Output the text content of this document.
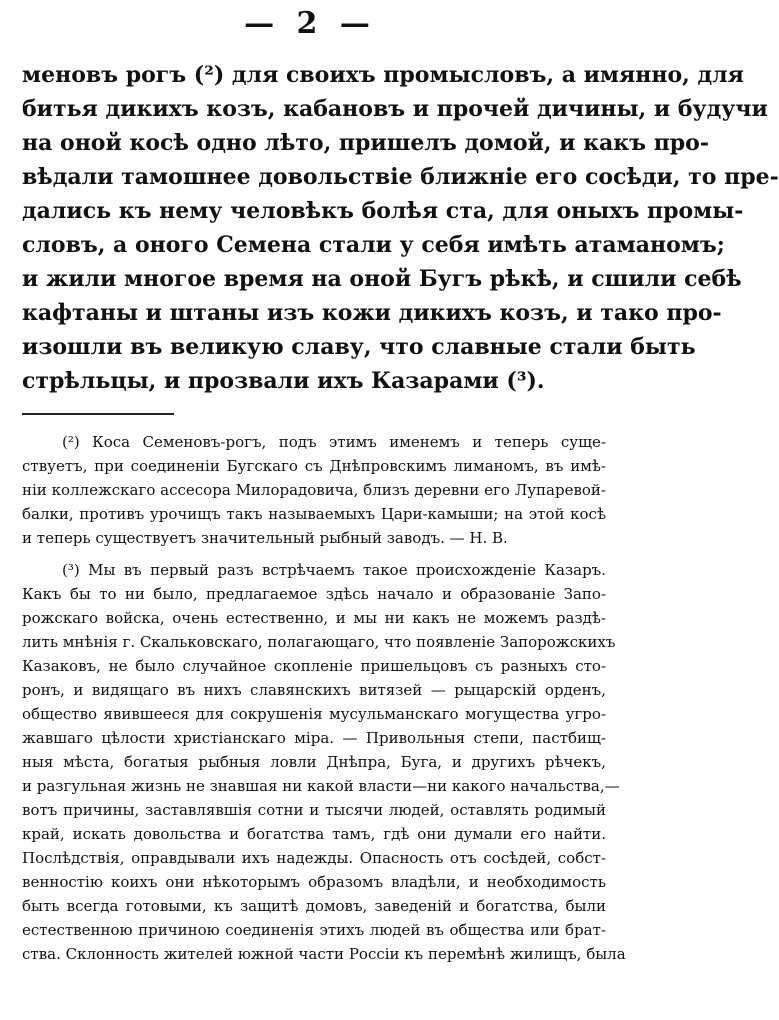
— 2 —
меновъ рогъ (²) для своихъ промысловъ, а имянно, для
битья дикихъ козъ, кабановъ и прочей дичины, и будучи
на оной косѣ одно лѣто, пришелъ домой, и какъ про-
вѣдали тамошнее довольствіе ближніе его сосѣди, то пре-
дались къ нему человѣкъ болѣя ста, для оныхъ промы-
словъ, а оного Семена стали у себя имѣть атаманомъ;
и жили многое время на оной Бугъ рѣкѣ, и сшили себѣ
кафтаны и штаны изъ кожи дикихъ козъ, и тако про-
изошли въ великую славу, что славные стали быть
стрѣльцы, и прозвали ихъ Казарами (³).
(²) Коса Семеновъ-рогъ, подъ этимъ именемъ и теперь суще-
ствуетъ, при соединеніи Бугскаго съ Днѣпровскимъ лиманомъ, въ имѣ-
ніи коллежскаго ассесора Милорадовича, близъ деревни его Лупаревой-
балки, противъ урочищъ такъ называемыхъ Цари-камыши; на этой косѣ
и теперь существуетъ значительный рыбный заводъ. — Н. В.
(³) Мы въ первый разъ встрѣчаемъ такое происхожденіе Казаръ.
Какъ бы то ни было, предлагаемое здѣсь начало и образованіе Запо-
рожскаго войска, очень естественно, и мы ни какъ не можемъ раздѣ-
лить мнѣнія г. Скальковскаго, полагающаго, что появленіе Запорожскихъ
Казаковъ, не было случайное скопленіе пришельцовъ съ разныхъ сто-
ронъ, и видящаго въ нихъ славянскихъ витязей — рыцарскій орденъ,
общество явившееся для сокрушенія мусульманскаго могущества угро-
жавшаго цѣлости христіанскаго міра. — Привольныя степи, пастбищ-
ныя мѣста, богатыя рыбныя ловли Днѣпра, Буга, и другихъ рѣчекъ,
и разгульная жизнь не знавшая ни какой власти—ни какого начальства,—
вотъ причины, заставлявшія сотни и тысячи людей, оставлять родимый
край, искать довольства и богатства тамъ, гдѣ они думали его найти.
Послѣдствія, оправдывали ихъ надежды. Опасность отъ сосѣдей, собст-
венностію коихъ они нѣкоторымъ образомъ владѣли, и необходимость
быть всегда готовыми, къ защитѣ домовъ, заведеній и богатства, были
естественною причиною соединенія этихъ людей въ общества или брат-
ства. Склонность жителей южной части Россіи къ перемѣнѣ жилищъ, была
